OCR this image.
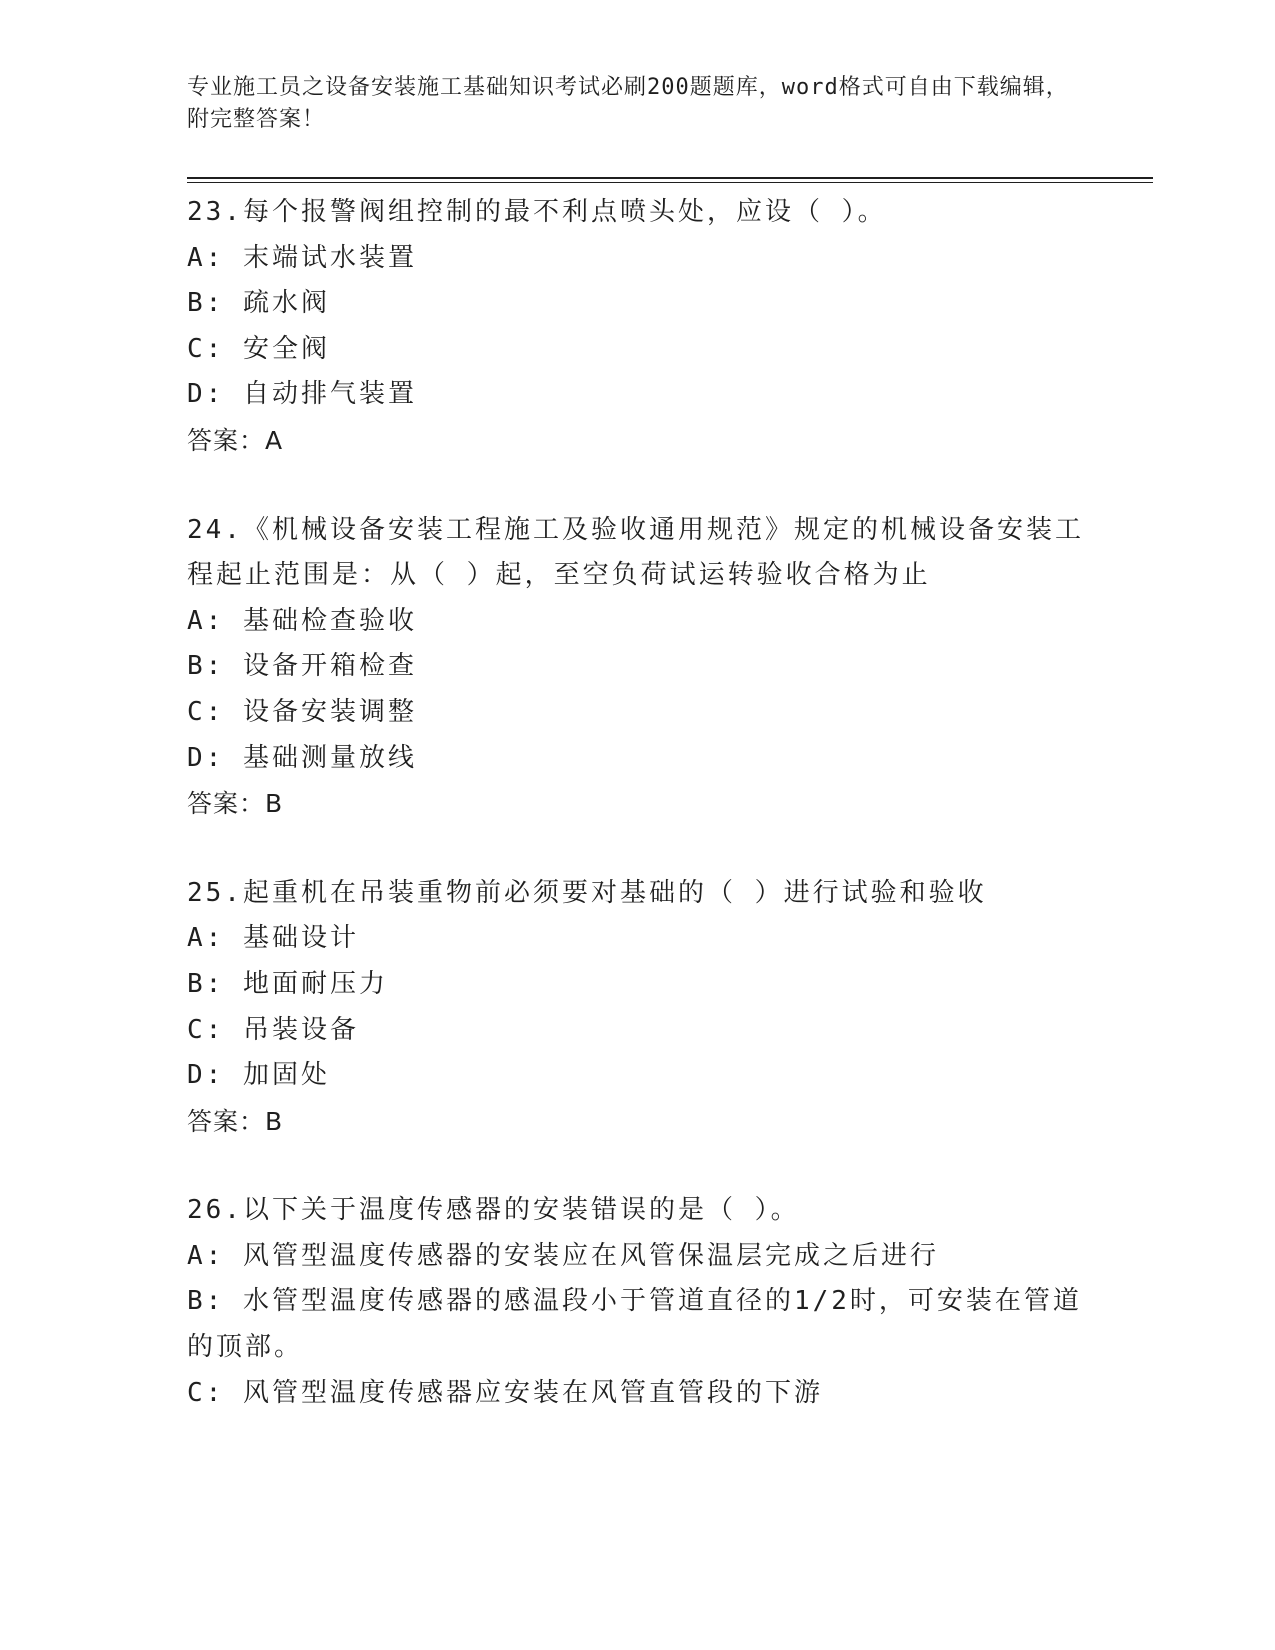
专业施工员之设备安装施工基础知识考试必刷200题题库，word格式可自由下载编辑，附完整答案！
23.每个报警阀组控制的最不利点喷头处，应设（ ）。
A: 末端试水装置
B: 疏水阀
C: 安全阀
D: 自动排气装置
答案：A
24.《机械设备安装工程施工及验收通用规范》规定的机械设备安装工程起止范围是：从（ ）起，至空负荷试运转验收合格为止
A: 基础检查验收
B: 设备开箱检查
C: 设备安装调整
D: 基础测量放线
答案：B
25.起重机在吊装重物前必须要对基础的（ ）进行试验和验收
A: 基础设计
B: 地面耐压力
C: 吊装设备
D: 加固处
答案：B
26.以下关于温度传感器的安装错误的是（ ）。
A: 风管型温度传感器的安装应在风管保温层完成之后进行
B: 水管型温度传感器的感温段小于管道直径的1/2时，可安装在管道的顶部。
C: 风管型温度传感器应安装在风管直管段的下游
